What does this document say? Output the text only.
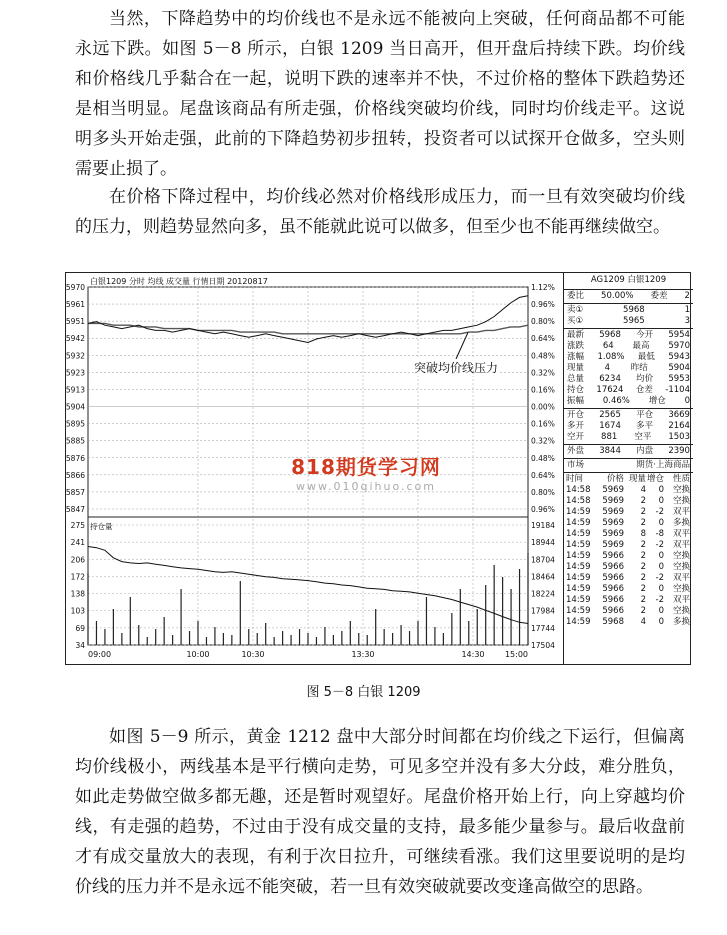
当然，下降趋势中的均价线也不是永远不能被向上突破，任何商品都不可能永远下跌。如图 5－8 所示，白银 1209 当日高开，但开盘后持续下跌。均价线和价格线几乎黏合在一起，说明下跌的速率并不快，不过价格的整体下跌趋势还是相当明显。尾盘该商品有所走强，价格线突破均价线，同时均价线走平。这说明多头开始走强，此前的下降趋势初步扭转，投资者可以试探开仓做多，空头则需要止损了。

在价格下降过程中，均价线必然对价格线形成压力，而一旦有效突破均价线的压力，则趋势显然向多，虽不能就此说可以做多，但至少也不能再继续做空。

白银1209 分时 均线 成交量 行情日期 20120817
5970	1.12%
5961	0.96%
5951	0.80%
5942	0.64%
5932	0.48%
5923	0.32%
5913	0.16%
5904	0.00%
5895	0.16%
5885	0.32%
5876	0.48%
5866	0.64%
5857	0.80%
5847	0.96%
275	19184
241	18944
206	18704
172	18464
138	18224
103	17984
69	17744
34	17504
持仓量
09:00	10:00	10:30	13:30	14:30	15:00
突破均价线压力
818期货学习网
www.010qihuo.com
AG1209 白银1209
委比 50.00% 委差 2
卖①	5968	1
买①	5965	3
最新 5968 今开 5954
涨跌 64 最高 5970
涨幅 1.08% 最低 5943
现量 4 昨结 5904
总量 6234 均价 5953
持仓 17624 仓差 -1104
振幅 0.46% 增仓 0
开仓 2565 平仓 3669
多开 1674 多平 2164
空开 881 空平 1503
外盘 3844 内盘 2390
市场	期货·上海商品
时间	价格 现量 增仓	性质
14:58	5969	4	0	空换
14:58	5969	2	0	空换
14:59	5969	2	-2	双平
14:59	5969	2	0	多换
14:59	5969	8	-8	双平
14:59	5969	2	-2	双平
14:59	5966	2	0	空换
14:59	5966	2	0	空换
14:59	5966	2	-2	双平
14:59	5966	2	0	空换
14:59	5966	2	-2	双平
14:59	5966	2	0	空换
14:59	5968	4	0	多换
图 5－8 白银 1209

如图 5－9 所示，黄金 1212 盘中大部分时间都在均价线之下运行，但偏离均价线极小，两线基本是平行横向走势，可见多空并没有多大分歧，难分胜负，如此走势做空做多都无趣，还是暂时观望好。尾盘价格开始上行，向上穿越均价线，有走强的趋势，不过由于没有成交量的支持，最多能少量参与。最后收盘前才有成交量放大的表现，有利于次日拉升，可继续看涨。我们这里要说明的是均价线的压力并不是永远不能突破，若一旦有效突破就要改变逢高做空的思路。
